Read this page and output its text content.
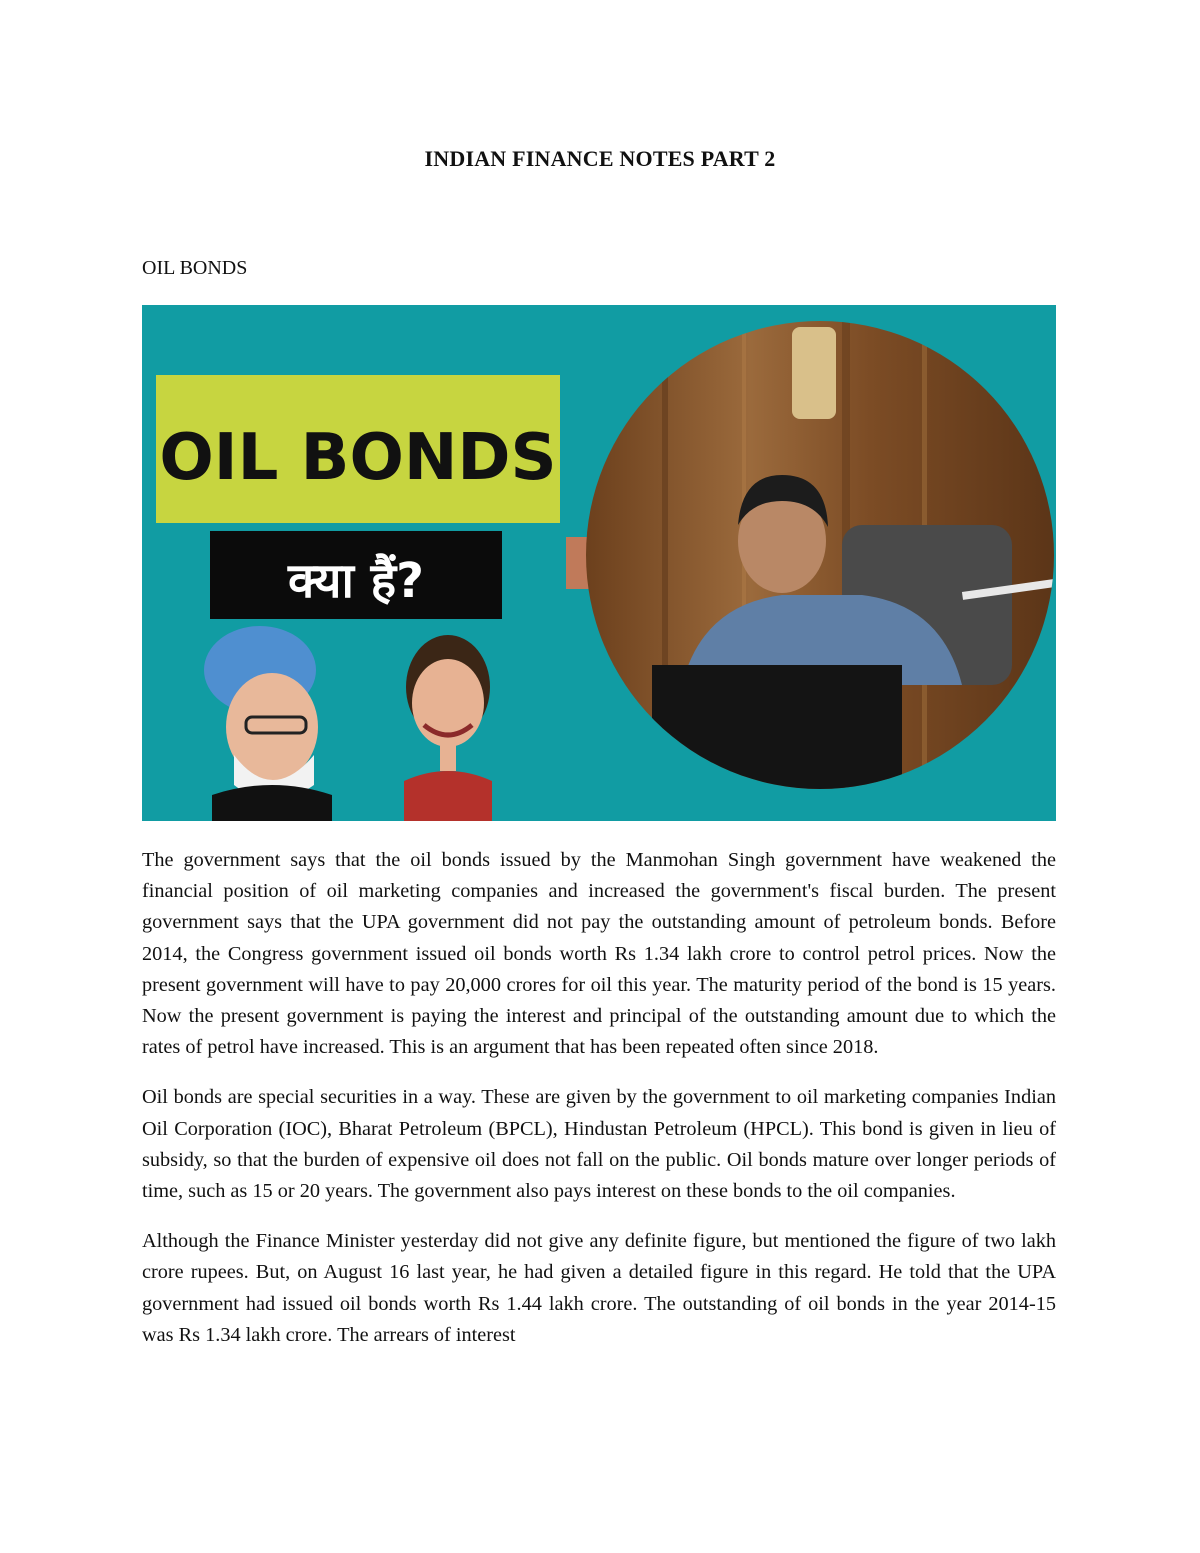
INDIAN FINANCE NOTES PART 2
OIL BONDS
OIL BONDS
क्या हैं?

The government says that the oil bonds issued by the Manmohan Singh government have weakened the financial position of oil marketing companies and increased the government's fiscal burden. The present government says that the UPA government did not pay the outstanding amount of petroleum bonds. Before 2014, the Congress government issued oil bonds worth Rs 1.34 lakh crore to control petrol prices. Now the present government will have to pay 20,000 crores for oil this year. The maturity period of the bond is 15 years. Now the present government is paying the interest and principal of the outstanding amount due to which the rates of petrol have increased. This is an argument that has been repeated often since 2018.

Oil bonds are special securities in a way. These are given by the government to oil marketing companies Indian Oil Corporation (IOC), Bharat Petroleum (BPCL), Hindustan Petroleum (HPCL). This bond is given in lieu of subsidy, so that the burden of expensive oil does not fall on the public. Oil bonds mature over longer periods of time, such as 15 or 20 years. The government also pays interest on these bonds to the oil companies.

Although the Finance Minister yesterday did not give any definite figure, but mentioned the figure of two lakh crore rupees. But, on August 16 last year, he had given a detailed figure in this regard. He told that the UPA government had issued oil bonds worth Rs 1.44 lakh crore. The outstanding of oil bonds in the year 2014-15 was Rs 1.34 lakh crore. The arrears of interest
